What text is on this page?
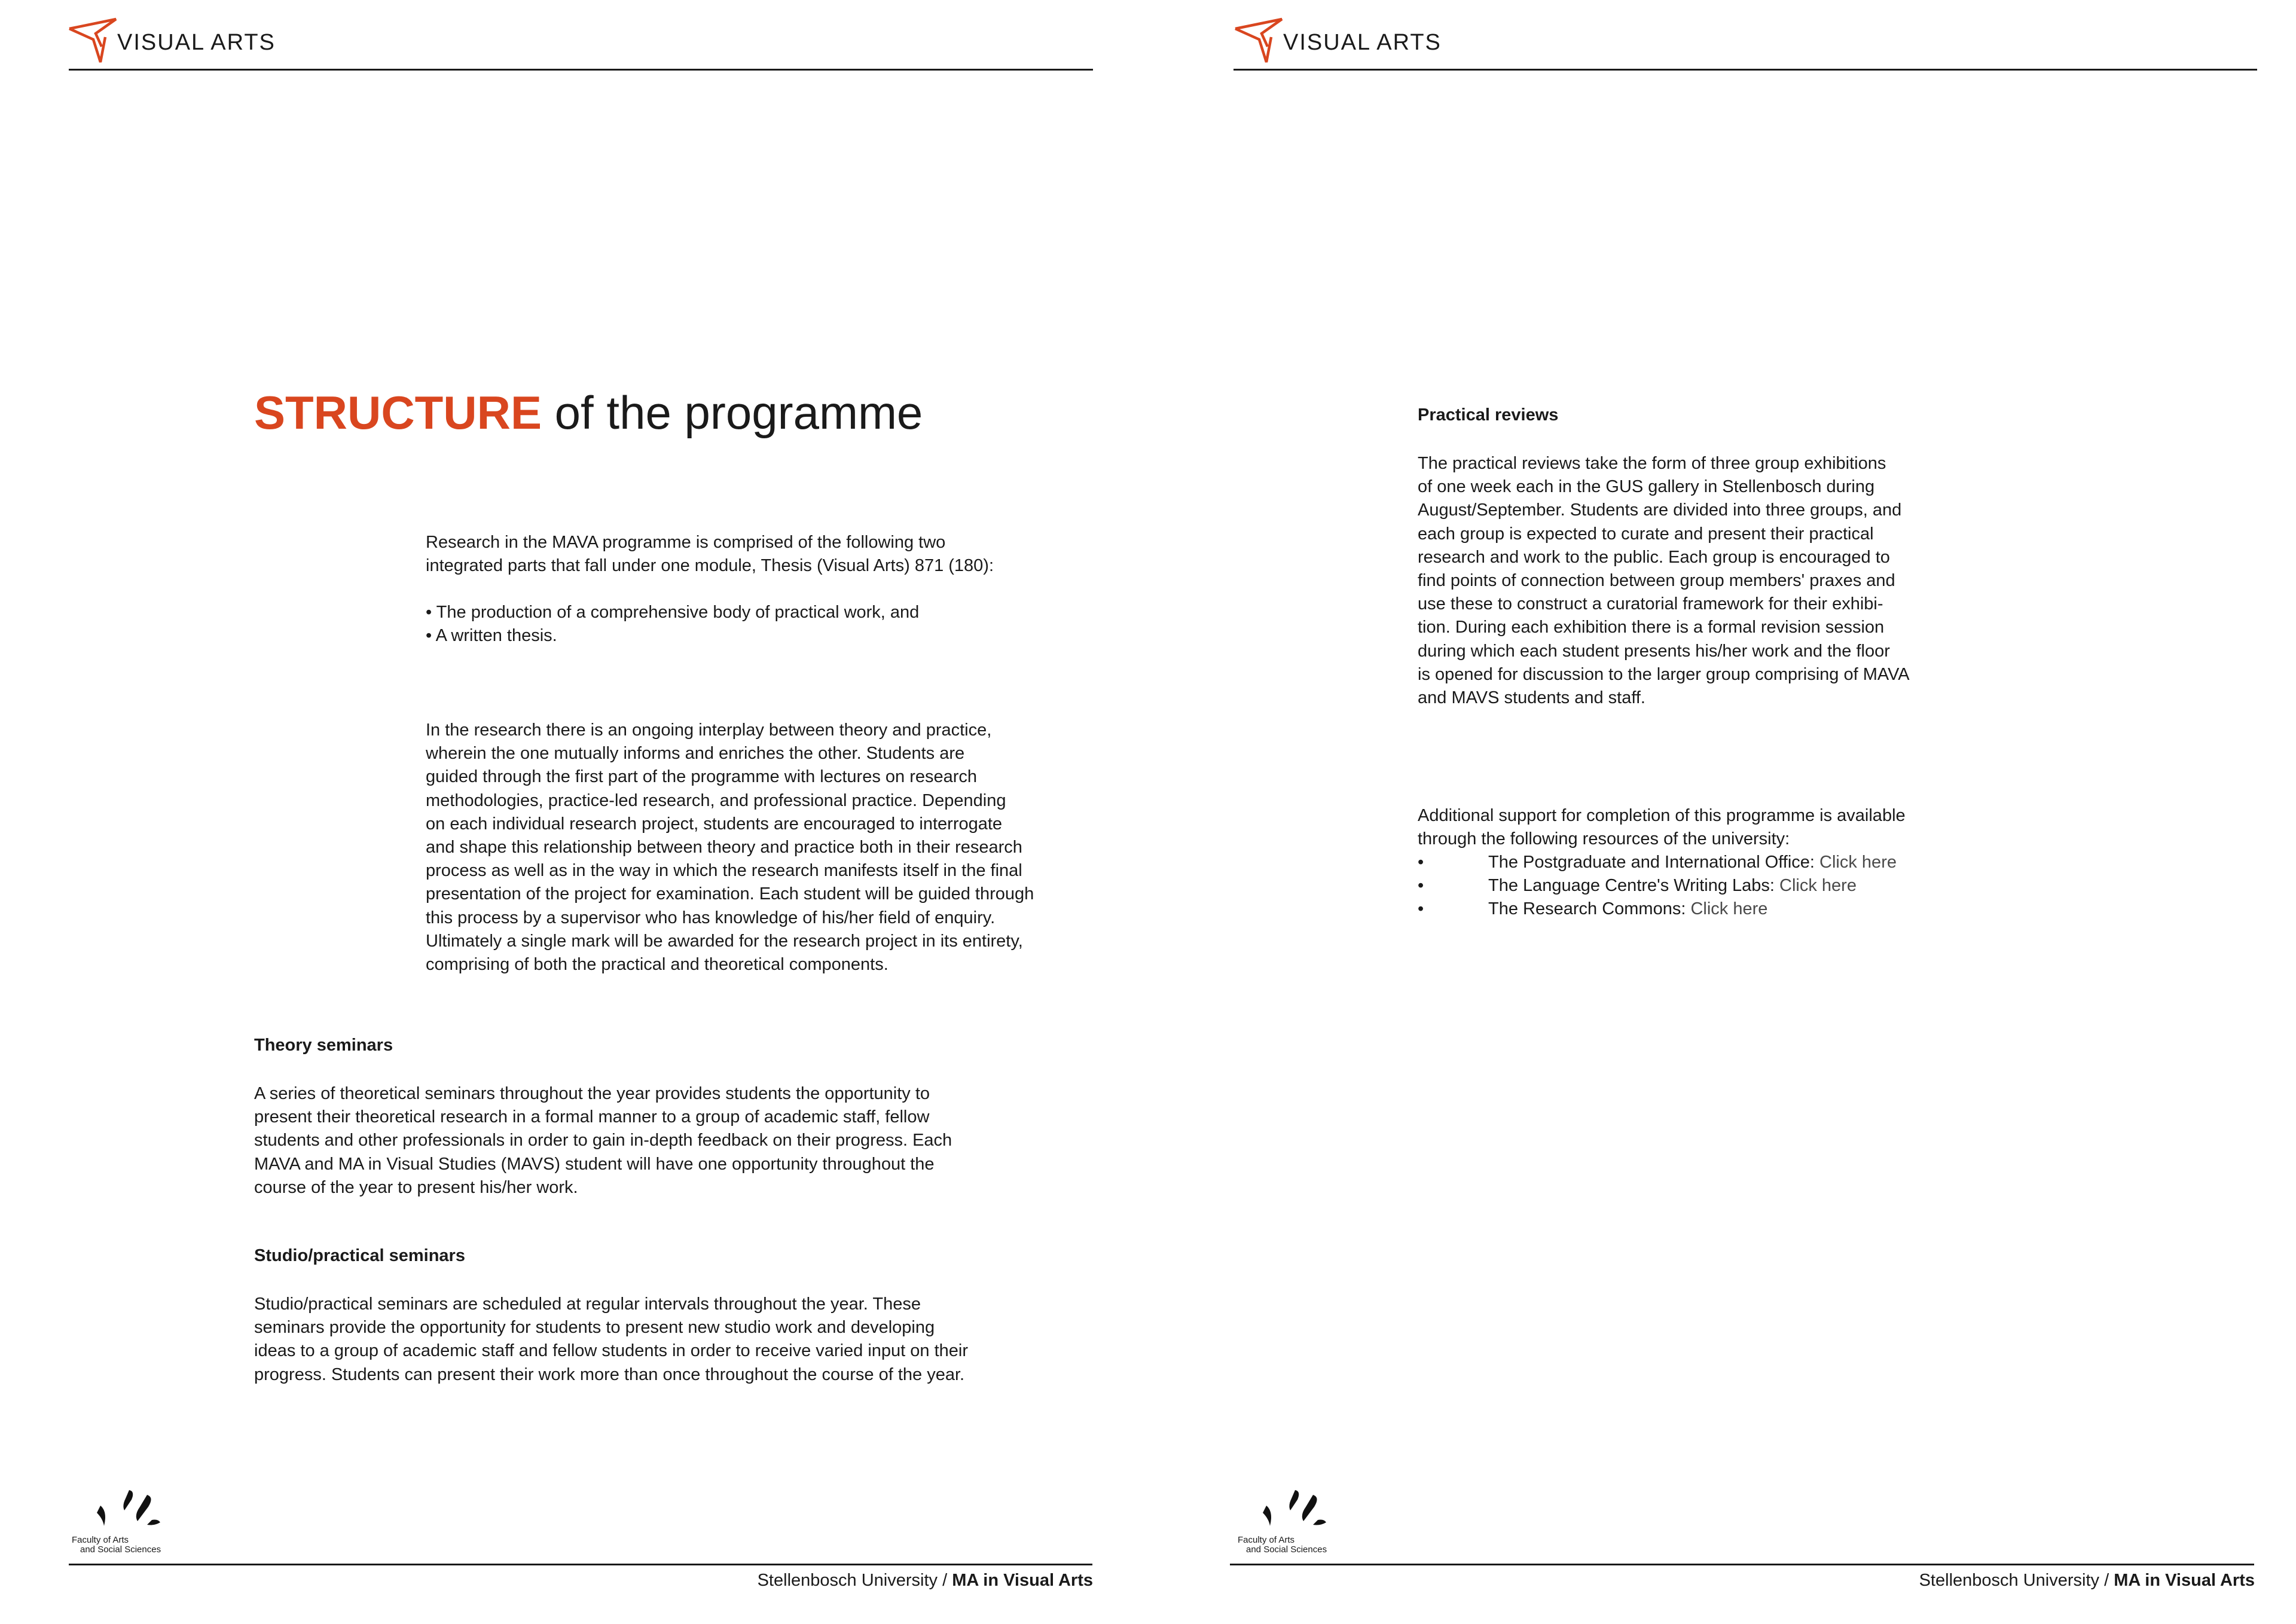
VISUAL ARTS
STRUCTURE of the programme

Research in the MAVA programme is comprised of the following two
integrated parts that fall under one module, Thesis (Visual Arts) 871 (180):

• The production of a comprehensive body of practical work, and
• A written thesis.

In the research there is an ongoing interplay between theory and practice,
wherein the one mutually informs and enriches the other. Students are
guided through the first part of the programme with lectures on research
methodologies, practice-led research, and professional practice. Depending
on each individual research project, students are encouraged to interrogate
and shape this relationship between theory and practice both in their research
process as well as in the way in which the research manifests itself in the final
presentation of the project for examination. Each student will be guided through
this process by a supervisor who has knowledge of his/her field of enquiry.
Ultimately a single mark will be awarded for the research project in its entirety,
comprising of both the practical and theoretical components.

Theory seminars

A series of theoretical seminars throughout the year provides students the opportunity to
present their theoretical research in a formal manner to a group of academic staff, fellow
students and other professionals in order to gain in-depth feedback on their progress. Each
MAVA and MA in Visual Studies (MAVS) student will have one opportunity throughout the
course of the year to present his/her work.

Studio/practical seminars

Studio/practical seminars are scheduled at regular intervals throughout the year. These
seminars provide the opportunity for students to present new studio work and developing
ideas to a group of academic staff and fellow students in order to receive varied input on their
progress. Students can present their work more than once throughout the course of the year.

Faculty of Arts
and Social Sciences
Stellenbosch University / MA in Visual Arts
VISUAL ARTS

Practical reviews

The practical reviews take the form of three group exhibitions
of one week each in the GUS gallery in Stellenbosch during
August/September. Students are divided into three groups, and
each group is expected to curate and present their practical
research and work to the public. Each group is encouraged to
find points of connection between group members' praxes and
use these to construct a curatorial framework for their exhibi-
tion. During each exhibition there is a formal revision session
during which each student presents his/her work and the floor
is opened for discussion to the larger group comprising of MAVA
and MAVS students and staff.

Additional support for completion of this programme is available
through the following resources of the university:

•	The Postgraduate and International Office: Click here
•	The Language Centre's Writing Labs: Click here
•	The Research Commons: Click here
Faculty of Arts
and Social Sciences
Stellenbosch University / MA in Visual Arts
